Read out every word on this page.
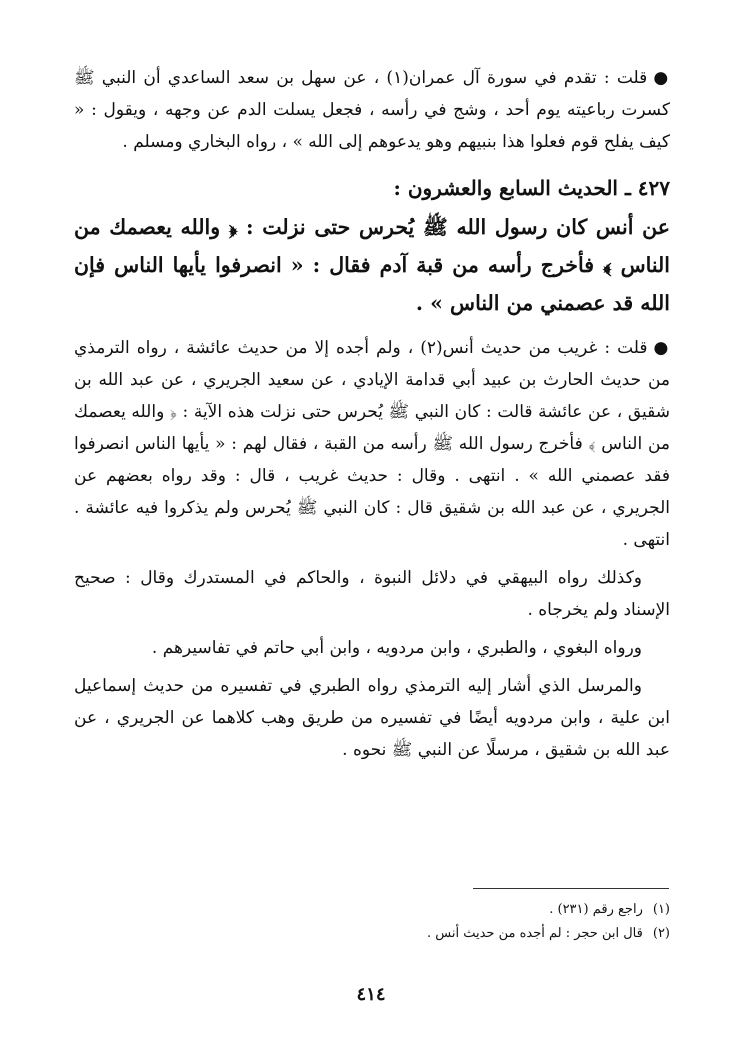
●قلت : تقدم في سورة آل عمران(١) ، عن سهل بن سعد الساعدي أن النبي ﷺ كسرت رباعيته يوم أحد ، وشج في رأسه ، فجعل يسلت الدم عن وجهه ، ويقول : « كيف يفلح قوم فعلوا هذا بنبيهم وهو يدعوهم إلى الله » ، رواه البخاري ومسلم .

٤٢٧ ـ الحديث السابع والعشرون :

عن أنس كان رسول الله ﷺ يُحرس حتى نزلت : ﴿ والله يعصمك من الناس ﴾ فأخرج رأسه من قبة آدم فقال : « انصرفوا يأيها الناس فإن الله قد عصمني من الناس » .

●قلت : غريب من حديث أنس(٢) ، ولم أجده إلا من حديث عائشة ، رواه الترمذي من حديث الحارث بن عبيد أبي قدامة الإيادي ، عن سعيد الجريري ، عن عبد الله بن شقيق ، عن عائشة قالت : كان النبي ﷺ يُحرس حتى نزلت هذه الآية : ﴿ والله يعصمك من الناس ﴾ فأخرج رسول الله ﷺ رأسه من القبة ، فقال لهم : « يأيها الناس انصرفوا فقد عصمني الله » . انتهى . وقال : حديث غريب ، قال : وقد رواه بعضهم عن الجريري ، عن عبد الله بن شقيق قال : كان النبي ﷺ يُحرس ولم يذكروا فيه عائشة . انتهى .

وكذلك رواه البيهقي في دلائل النبوة ، والحاكم في المستدرك وقال : صحيح الإسناد ولم يخرجاه .

ورواه البغوي ، والطبري ، وابن مردويه ، وابن أبي حاتم في تفاسيرهم .

والمرسل الذي أشار إليه الترمذي رواه الطبري في تفسيره من حديث إسماعيل ابن علية ، وابن مردويه أيضًا في تفسيره من طريق وهب كلاهما عن الجريري ، عن عبد الله بن شقيق ، مرسلًا عن النبي ﷺ نحوه .

(١)راجع رقم (٢٣١) .
(٢)قال ابن حجر : لم أجده من حديث أنس .
٤١٤
